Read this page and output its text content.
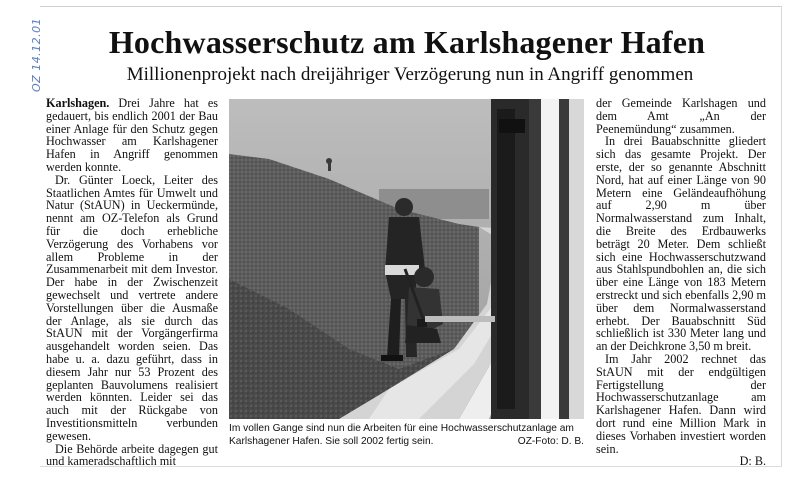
OZ 14.12.01	Hochwasserschutz am Karlshagener Hafen
Millionenprojekt nach dreijähriger Verzögerung nun in Angriff genommen

Karlshagen. Drei Jahre hat es gedauert, bis endlich 2001 der Bau einer Anlage für den Schutz gegen Hochwasser am Karlshagener Hafen in Angriff genommen werden konnte.

Dr. Günter Loeck, Leiter des Staatlichen Amtes für Umwelt und Natur (StAUN) in Ueckermünde, nennt am OZ-Telefon als Grund für die doch erhebliche Verzögerung des Vorhabens vor allem Probleme in der Zusammenarbeit mit dem Investor. Der habe in der Zwischenzeit gewechselt und vertrete andere Vorstellungen über die Ausmaße der Anlage, als sie durch das StAUN mit der Vorgängerfirma ausgehandelt worden seien. Das habe u. a. dazu geführt, dass in diesem Jahr nur 53 Prozent des geplanten Bauvolumens realisiert werden könnten. Leider sei das auch mit der Rückgabe von Investitionsmitteln verbunden gewesen.

Die Behörde arbeite dagegen gut und kameradschaftlich mit

Im vollen Gange sind nun die Arbeiten für eine Hochwasserschutzanlage am Karlshagener Hafen. Sie soll 2002 fertig sein.	OZ-Foto: D. B.

der Gemeinde Karlshagen und dem Amt „An der Peenemündung“ zusammen.

In drei Bauabschnitte gliedert sich das gesamte Projekt. Der erste, der so genannte Abschnitt Nord, hat auf einer Länge von 90 Metern eine Geländeaufhöhung auf 2,90 m über Normalwasserstand zum Inhalt, die Breite des Erdbauwerks beträgt 20 Meter. Dem schließt sich eine Hochwasserschutzwand aus Stahlspundbohlen an, die sich über eine Länge von 183 Metern erstreckt und sich ebenfalls 2,90 m über dem Normalwasserstand erhebt. Der Bauabschnitt Süd schließlich ist 330 Meter lang und an der Deichkrone 3,50 m breit.

Im Jahr 2002 rechnet das StAUN mit der endgültigen Fertigstellung der Hochwasserschutzanlage am Karlshagener Hafen. Dann wird dort rund eine Million Mark in dieses Vorhaben investiert worden sein.

D: B.
